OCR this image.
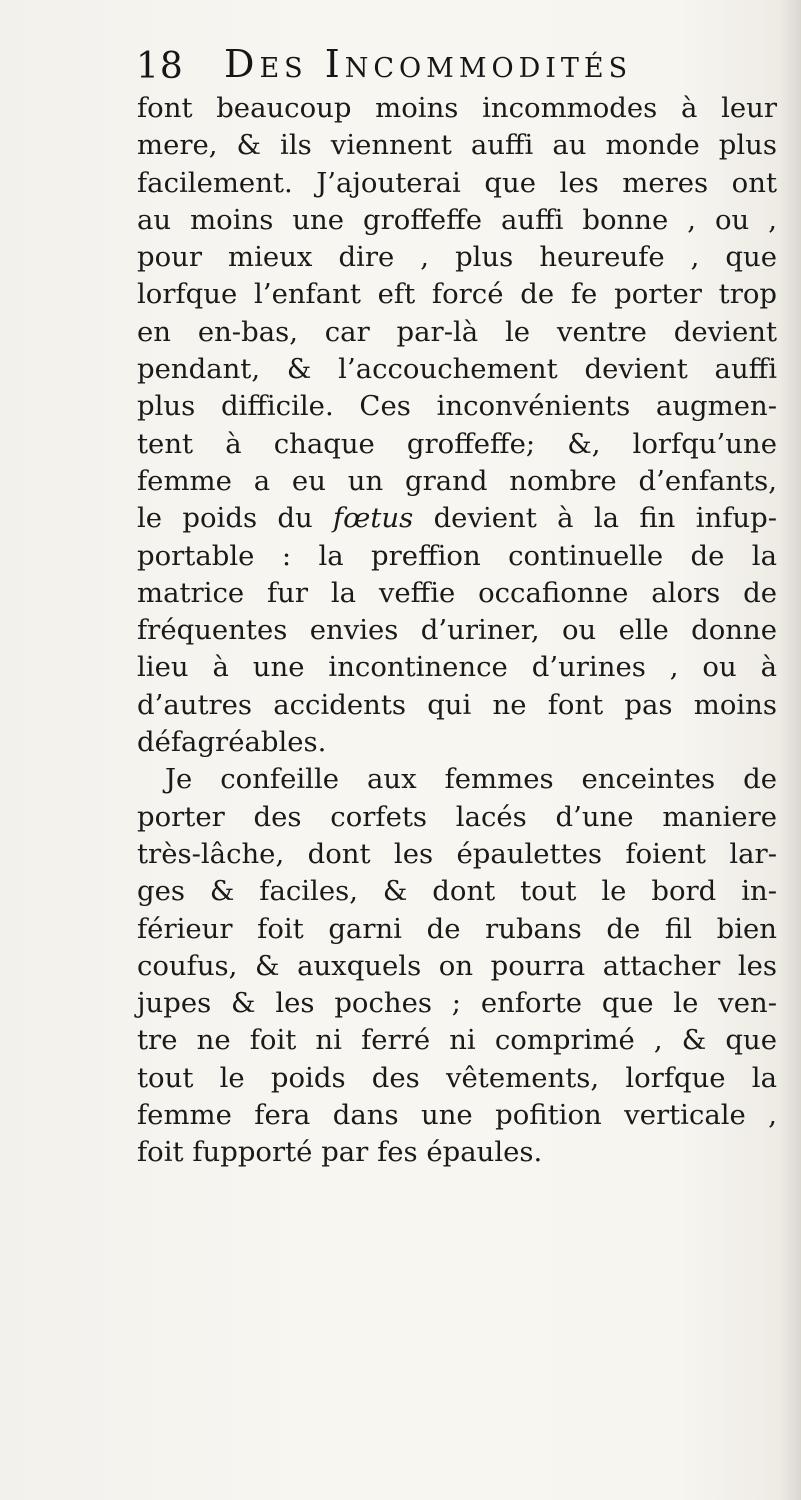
18 Des Incommodités
font beaucoup moins incommodes à leur
mere, & ils viennent auffi au monde plus
facilement. J’ajouterai que les meres ont
au moins une groffeffe auffi bonne , ou ,
pour mieux dire , plus heureufe , que
lorfque l’enfant eft forcé de fe porter trop
en en-bas, car par-là le ventre devient
pendant, & l’accouchement devient auffi
plus difficile. Ces inconvénients augmen-
tent à chaque groffeffe; &, lorfqu’une
femme a eu un grand nombre d’enfants,
le poids du fœtus devient à la fin infup-
portable : la preffion continuelle de la
matrice fur la veffie occafionne alors de
fréquentes envies d’uriner, ou elle donne
lieu à une incontinence d’urines , ou à
d’autres accidents qui ne font pas moins
défagréables.
Je confeille aux femmes enceintes de
porter des corfets lacés d’une maniere
très-lâche, dont les épaulettes foient lar-
ges & faciles, & dont tout le bord in-
férieur foit garni de rubans de fil bien
coufus, & auxquels on pourra attacher les
jupes & les poches ; enforte que le ven-
tre ne foit ni ferré ni comprimé , & que
tout le poids des vêtements, lorfque la
femme fera dans une pofition verticale ,
foit fupporté par fes épaules.
